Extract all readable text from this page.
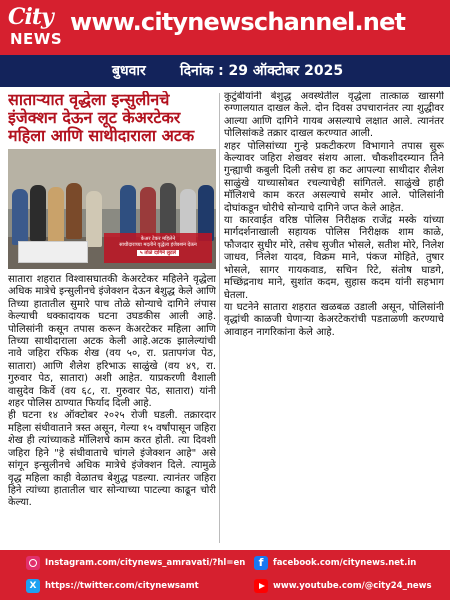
City
NEWS
www.citynewschannel.net
बुधवार दिनांक : 29 ऑक्टोबर 2025
साताऱ्यात वृद्धेला इन्सुलीनचे इंजेक्शन देऊन लूट केअरटेकर महिला आणि साथीदाराला अटक
केअर टेकर महिलेने
साथीदाराच्या मदतीने वृद्धेला इंजेक्शन देऊन
५ तोळे दागिने लुटले

सातारा शहरात विश्वासघातकी केअरटेकर महिलेने वृद्धेला अधिक मात्रेचे इन्सुलीनचे इंजेक्शन देऊन बेशुद्ध केले आणि तिच्या हातातील सुमारे पाच तोळे सोन्याचे दागिने लंपास केल्याची धक्कादायक घटना उघडकीस आली आहे. पोलिसांनी कसून तपास करून केअरटेकर महिला आणि तिच्या साथीदाराला अटक केली आहे.अटक झालेल्यांची नावे जहिरा रफिक शेख (वय ५०, रा. प्रतापगंज पेठ, सातारा) आणि शैलेश हरिभाऊ साळुंखे (वय ४९, रा. गुरुवार पेठ, सातारा) अशी आहेत. याप्रकरणी वैशाली वासुदेव किर्वे (वय ६८, रा. गुरुवार पेठ, सातारा) यांनी शहर पोलिस ठाण्यात फिर्याद दिली आहे.

ही घटना १४ ऑक्टोबर २०२५ रोजी घडली. तक्रारदार महिला संधीवाताने त्रस्त असून, गेल्या १५ वर्षांपासून जहिरा शेख ही त्यांच्याकडे मॉलिशचे काम करत होती. त्या दिवशी जहिरा हिने "हे संधीवाताचे चांगले इंजेक्शन आहे" असे सांगून इन्सुलीनचे अधिक मात्रेचे इंजेक्शन दिले. त्यामुळे वृद्ध महिला काही वेळातच बेशुद्ध पडल्या. त्यानंतर जहिरा हिने त्यांच्या हातातील चार सोन्याच्या पाटल्या काढून चोरी केल्या.

कुटुंबीयांनी बेशुद्ध अवस्थेतील वृद्धेला तात्काळ खासगी रुग्णालयात दाखल केले. दोन दिवस उपचारानंतर त्या शुद्धीवर आल्या आणि दागिने गायब असल्याचे लक्षात आले. त्यानंतर पोलिसांकडे तक्रार दाखल करण्यात आली.

शहर पोलिसांच्या गुन्हे प्रकटीकरण विभागाने तपास सुरू केल्यावर जहिरा शेखवर संशय आला. चौकशीदरम्यान तिने गुन्ह्याची कबुली दिली तसेच हा कट आपल्या साथीदार शैलेश साळुंखे याच्यासोबत रचल्याचेही सांगितले. साळुंखे हाही मॉलिशचे काम करत असल्याचे समोर आले. पोलिसांनी दोघांकडून चोरीचे सोन्याचे दागिने जप्त केले आहेत.

या कारवाईत वरिष्ठ पोलिस निरीक्षक राजेंद्र मस्के यांच्या मार्गदर्शनाखाली सहायक पोलिस निरीक्षक शाम काळे, फौजदार सुधीर मोरे, तसेच सुजीत भोसले, सतीश मोरे, निलेश जाधव, निलेश यादव, विक्रम माने, पंकज मोहिते, तुषार भोसले, सागर गायकवाड, सचिन रिटे, संतोष घाडगे, मच्छिंद्रनाथ माने, सुशांत कदम, सुहास कदम यांनी सहभाग घेतला.

या घटनेने सातारा शहरात खळबळ उडाली असून, पोलिसांनी वृद्धांची काळजी घेणाऱ्या केअरटेकरांची पडताळणी करण्याचे आवाहन नागरिकांना केले आहे.

Instagram.com/citynews_amravati/?hl=en	f	facebook.com/citynews.net.in
X	https://twitter.com/citynewsamt	www.youtube.com/@city24_news
